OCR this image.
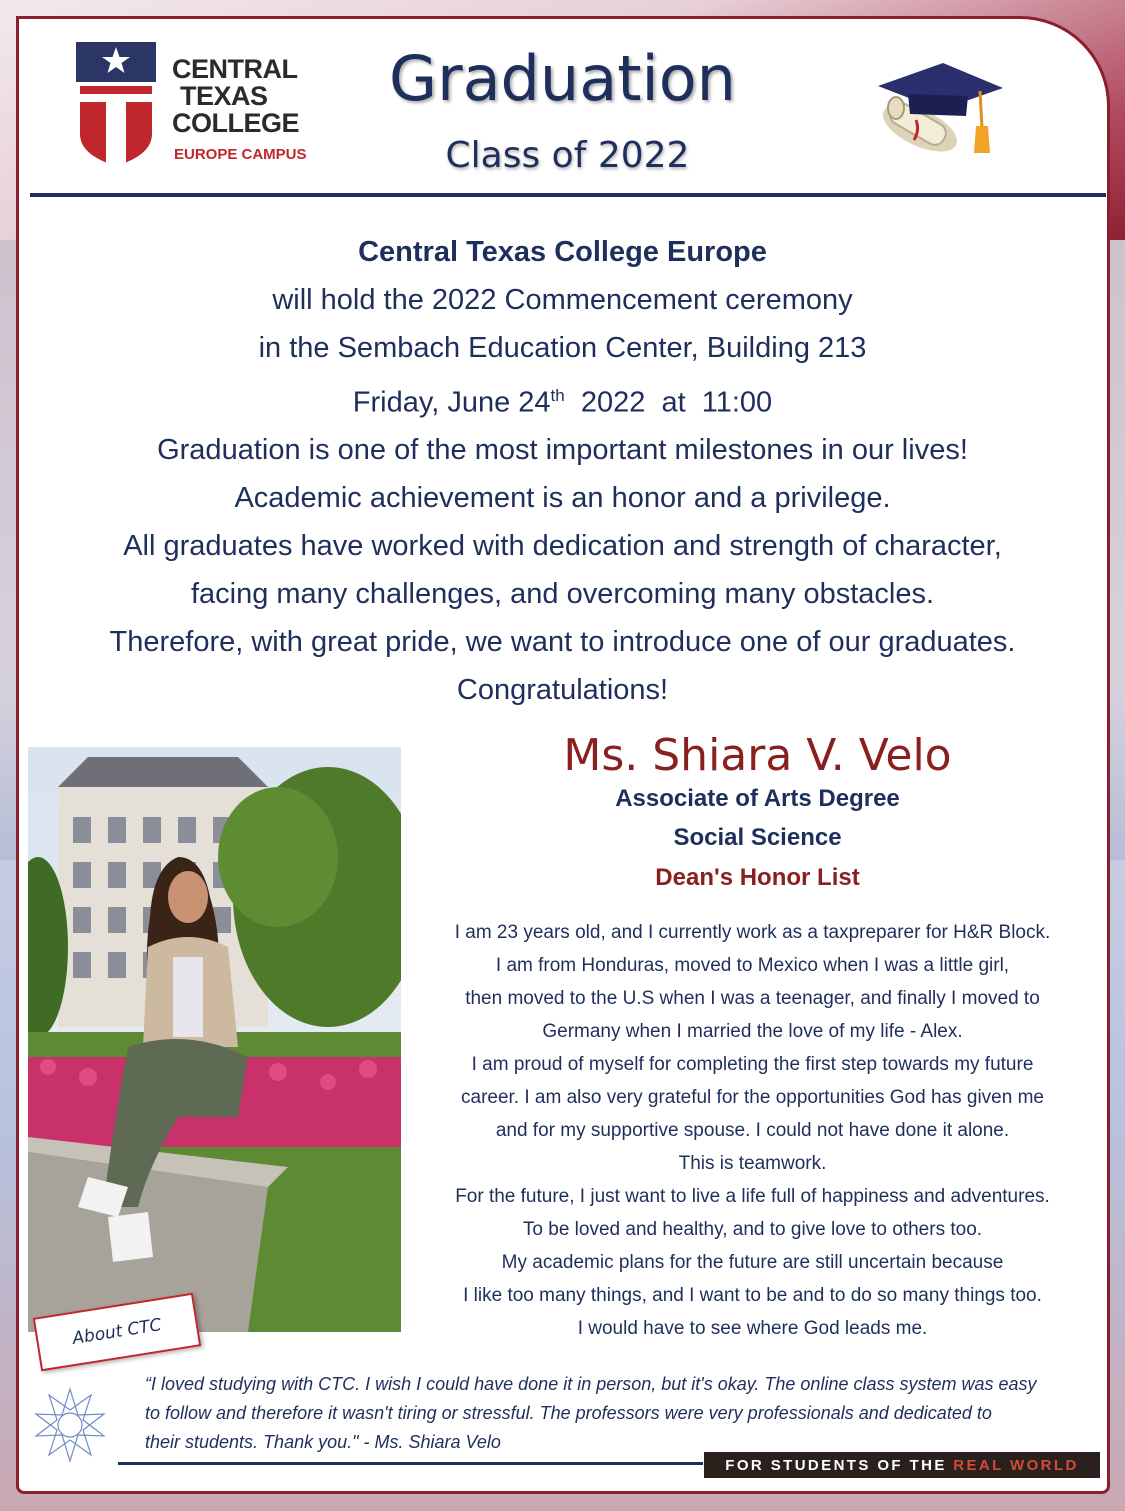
CENTRAL
TEXAS
COLLEGE
EUROPE CAMPUS
Graduation
Class of 2022
Central Texas College Europe
will hold the 2022 Commencement ceremony
in the Sembach Education Center, Building 213
Friday, June 24th  2022  at  11:00
Graduation is one of the most important milestones in our lives!
Academic achievement is an honor and a privilege.
All graduates have worked with dedication and strength of character,
facing many challenges, and overcoming many obstacles.
Therefore, with great pride, we want to introduce one of our graduates.
Congratulations!
About CTC
Ms. Shiara V. Velo
Associate of Arts Degree
Social Science
Dean's Honor List
I am 23 years old, and I currently work as a taxpreparer for H&R Block.
I am from Honduras, moved to Mexico when I was a little girl,
then moved to the U.S when I was a teenager, and finally I moved to
Germany when I married the love of my life - Alex.
I am proud of myself for completing the first step towards my future
career. I am also very grateful for the opportunities God has given me
and for my supportive spouse. I could not have done it alone.
This is teamwork.
For the future, I just want to live a life full of happiness and adventures.
To be loved and healthy, and to give love to others too.
My academic plans for the future are still uncertain because
I like too many things, and I want to be and to do so many things too.
I would have to see where God leads me.
“I loved studying with CTC. I wish I could have done it in person, but it's okay. The online class system was easy
to follow and therefore it wasn't tiring or stressful. The professors were very professionals and dedicated to
their students. Thank you." - Ms. Shiara Velo
FOR STUDENTS OF THE REAL WORLD
